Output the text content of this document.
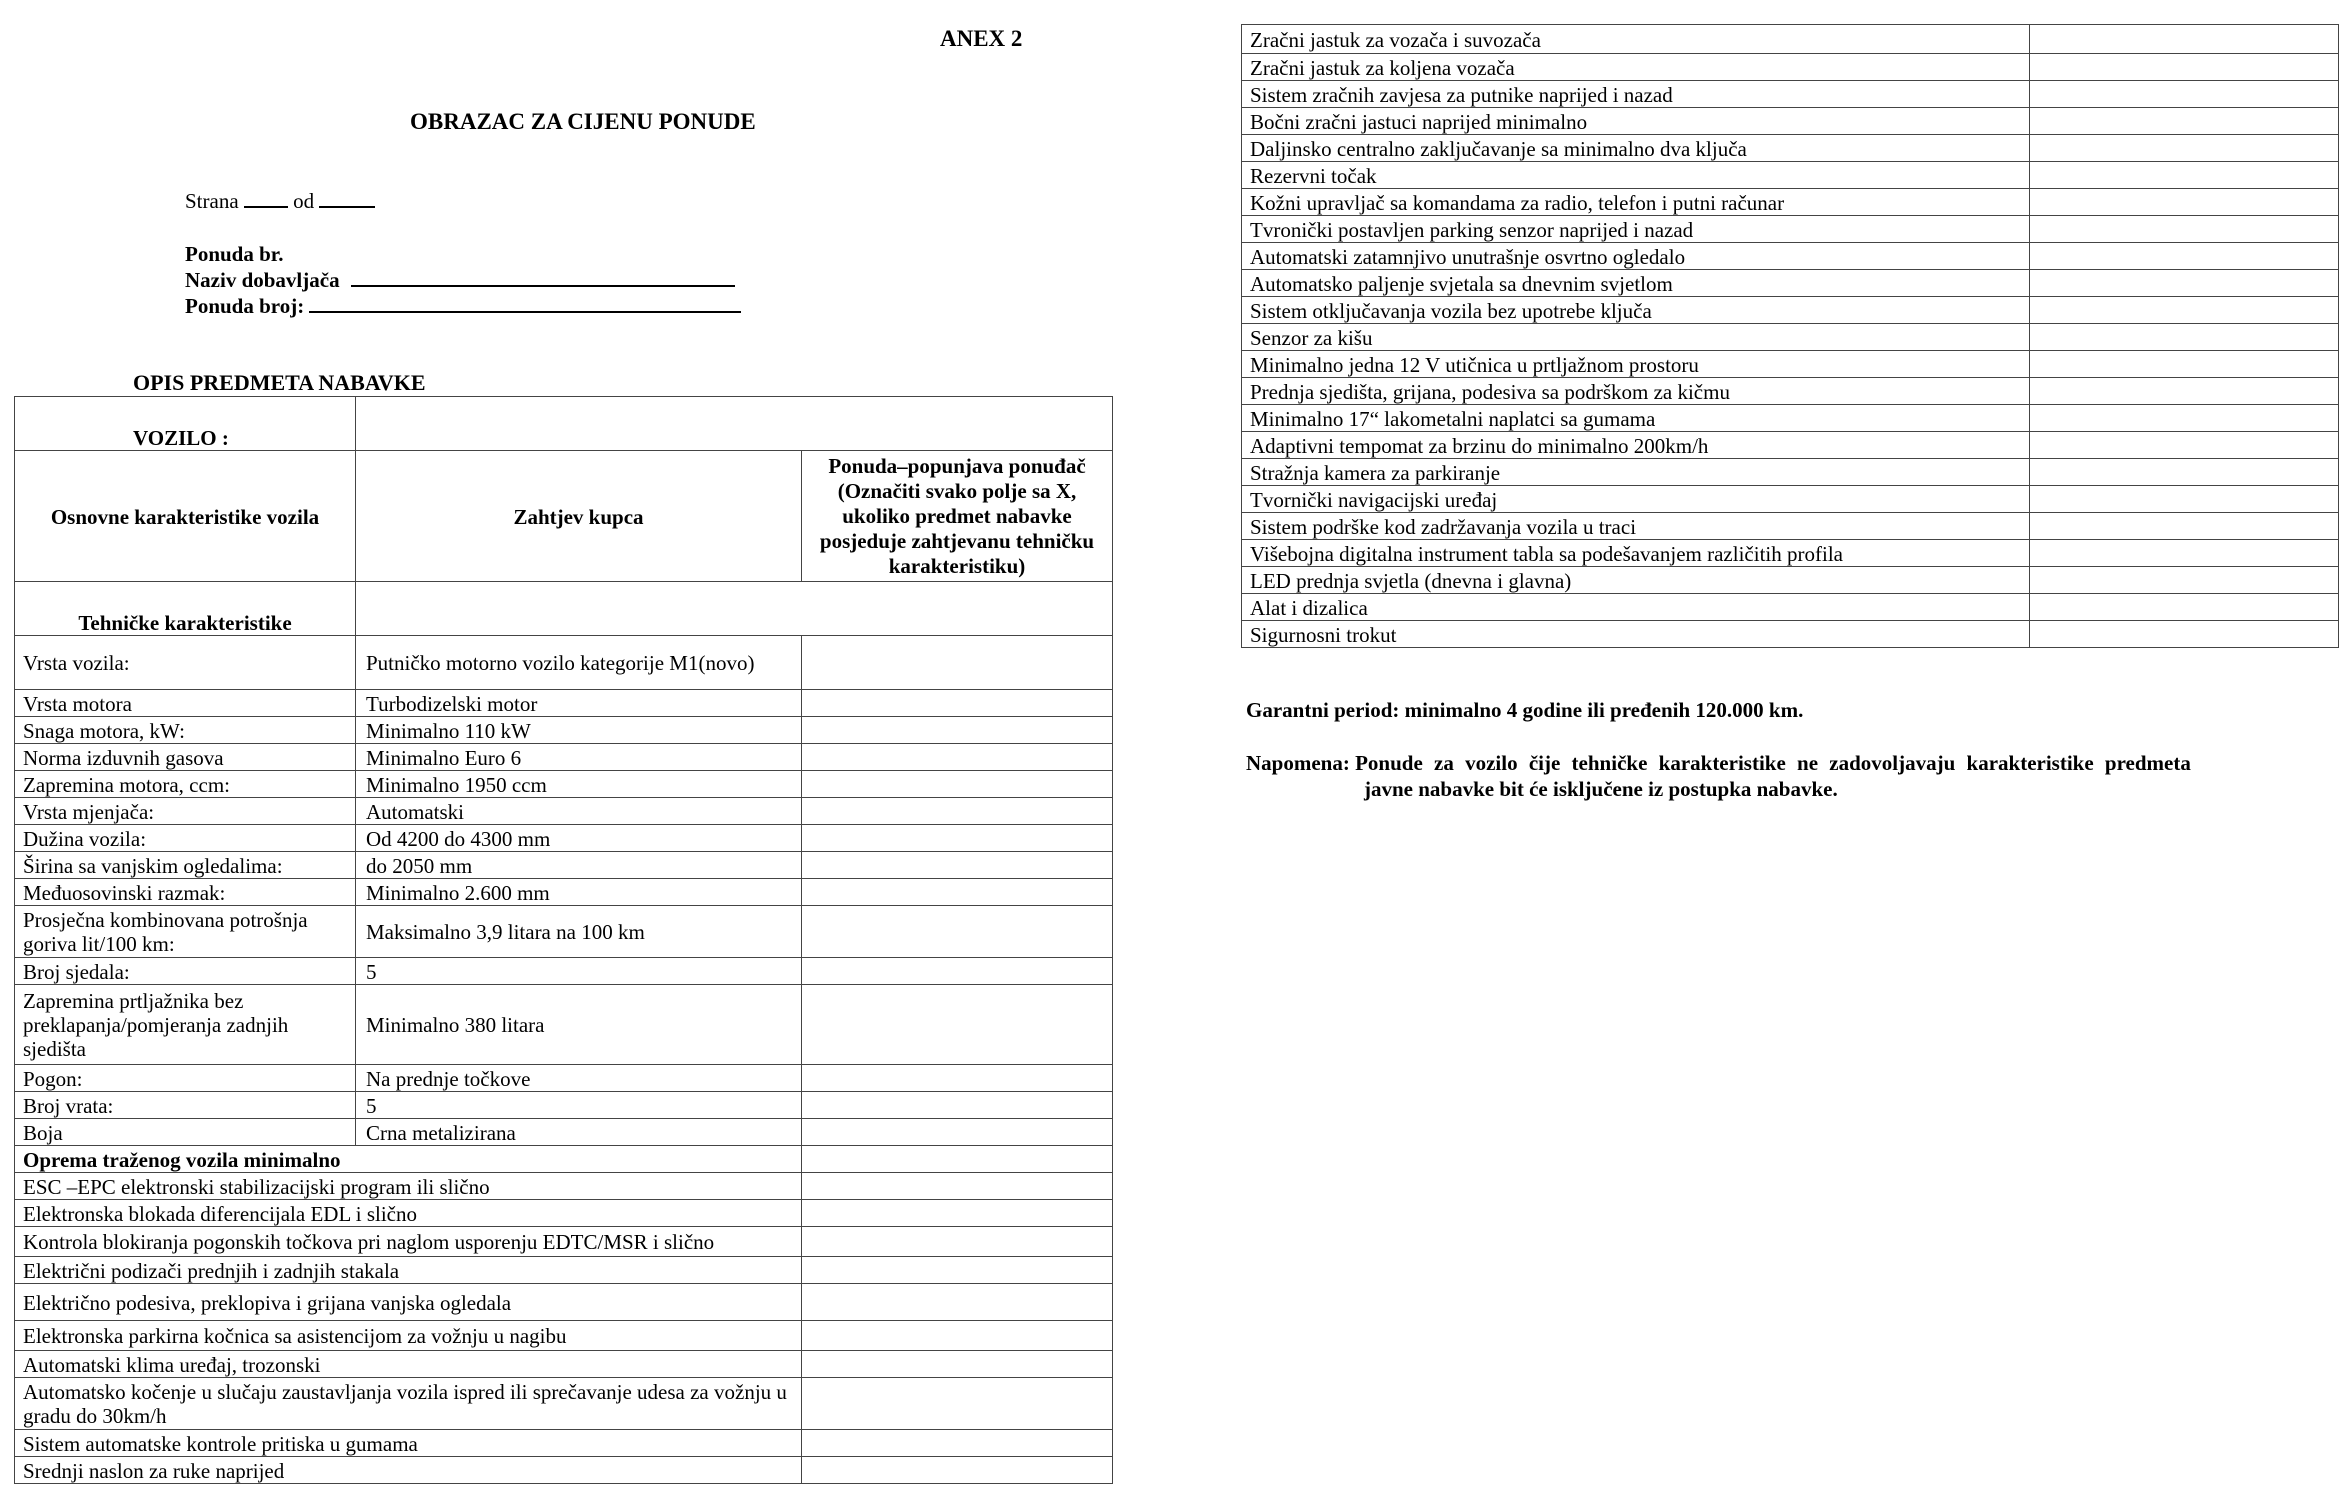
ANEX 2
OBRAZAC ZA CIJENU PONUDE
Strana	od
Ponuda br.
Naziv dobavljača
Ponuda broj:
OPIS PREDMETA NABAVKE
VOZILO :		
Osnovne karakteristike vozila	Zahtjev kupca	Ponuda–popunjava ponuđač (Označiti svako polje sa X, ukoliko predmet nabavke posjeduje zahtjevanu tehničku karakteristiku)
Tehničke karakteristike		
Vrsta vozila:	Putničko motorno vozilo kategorije M1(novo)	
Vrsta motora	Turbodizelski motor	
Snaga motora, kW:	Minimalno 110 kW	
Norma izduvnih gasova	Minimalno Euro 6	
Zapremina motora, ccm:	Minimalno 1950 ccm	
Vrsta mjenjača:	Automatski	
Dužina vozila:	Od 4200 do 4300 mm	
Širina sa vanjskim ogledalima:	do 2050 mm	
Međuosovinski razmak:	Minimalno 2.600 mm	
Prosječna kombinovana potrošnja goriva lit/100 km:	Maksimalno 3,9 litara na 100 km	
Broj sjedala:	5	
Zapremina prtljažnika bez preklapanja/pomjeranja zadnjih sjedišta	Minimalno 380 litara	
Pogon:	Na prednje točkove	
Broj vrata:	5	
Boja	Crna metalizirana	
Oprema traženog vozila minimalno		
ESC –EPC elektronski stabilizacijski program ili slično		
Elektronska blokada diferencijala EDL i slično		
Kontrola blokiranja pogonskih točkova pri naglom usporenju EDTC/MSR i slično		
Električni podizači prednjih i zadnjih stakala		
Električno podesiva, preklopiva i grijana vanjska ogledala		
Elektronska parkirna kočnica sa asistencijom za vožnju u nagibu		
Automatski klima uređaj, trozonski		
Automatsko kočenje u slučaju zaustavljanja vozila ispred ili sprečavanje udesa za vožnju u gradu do 30km/h		
Sistem automatske kontrole pritiska u gumama		
Srednji naslon za ruke naprijed		
Zračni jastuk za vozača i suvozača	
Zračni jastuk za koljena vozača	
Sistem zračnih zavjesa za putnike naprijed i nazad	
Bočni zračni jastuci naprijed minimalno	
Daljinsko centralno zaključavanje sa minimalno dva ključa	
Rezervni točak	
Kožni upravljač sa komandama za radio, telefon i putni računar	
Tvronički postavljen parking senzor naprijed i nazad	
Automatski zatamnjivo unutrašnje osvrtno ogledalo	
Automatsko paljenje svjetala sa dnevnim svjetlom	
Sistem otključavanja vozila bez upotrebe ključa	
Senzor za kišu	
Minimalno jedna 12 V utičnica u prtljažnom prostoru	
Prednja sjedišta, grijana, podesiva sa podrškom za kičmu	
Minimalno 17“ lakometalni naplatci sa gumama	
Adaptivni tempomat za brzinu do minimalno 200km/h	
Stražnja kamera za parkiranje	
Tvornički navigacijski uređaj	
Sistem podrške kod zadržavanja vozila u traci	
Višebojna digitalna instrument tabla sa podešavanjem različitih profila	
LED prednja svjetla (dnevna i glavna)	
Alat i dizalica	
Sigurnosni trokut	
Garantni period: minimalno 4 godine ili pređenih 120.000 km.
Napomena: Ponude za vozilo čije tehničke karakteristike ne zadovoljavaju karakteristike predmeta
javne nabavke bit će isključene iz postupka nabavke.
